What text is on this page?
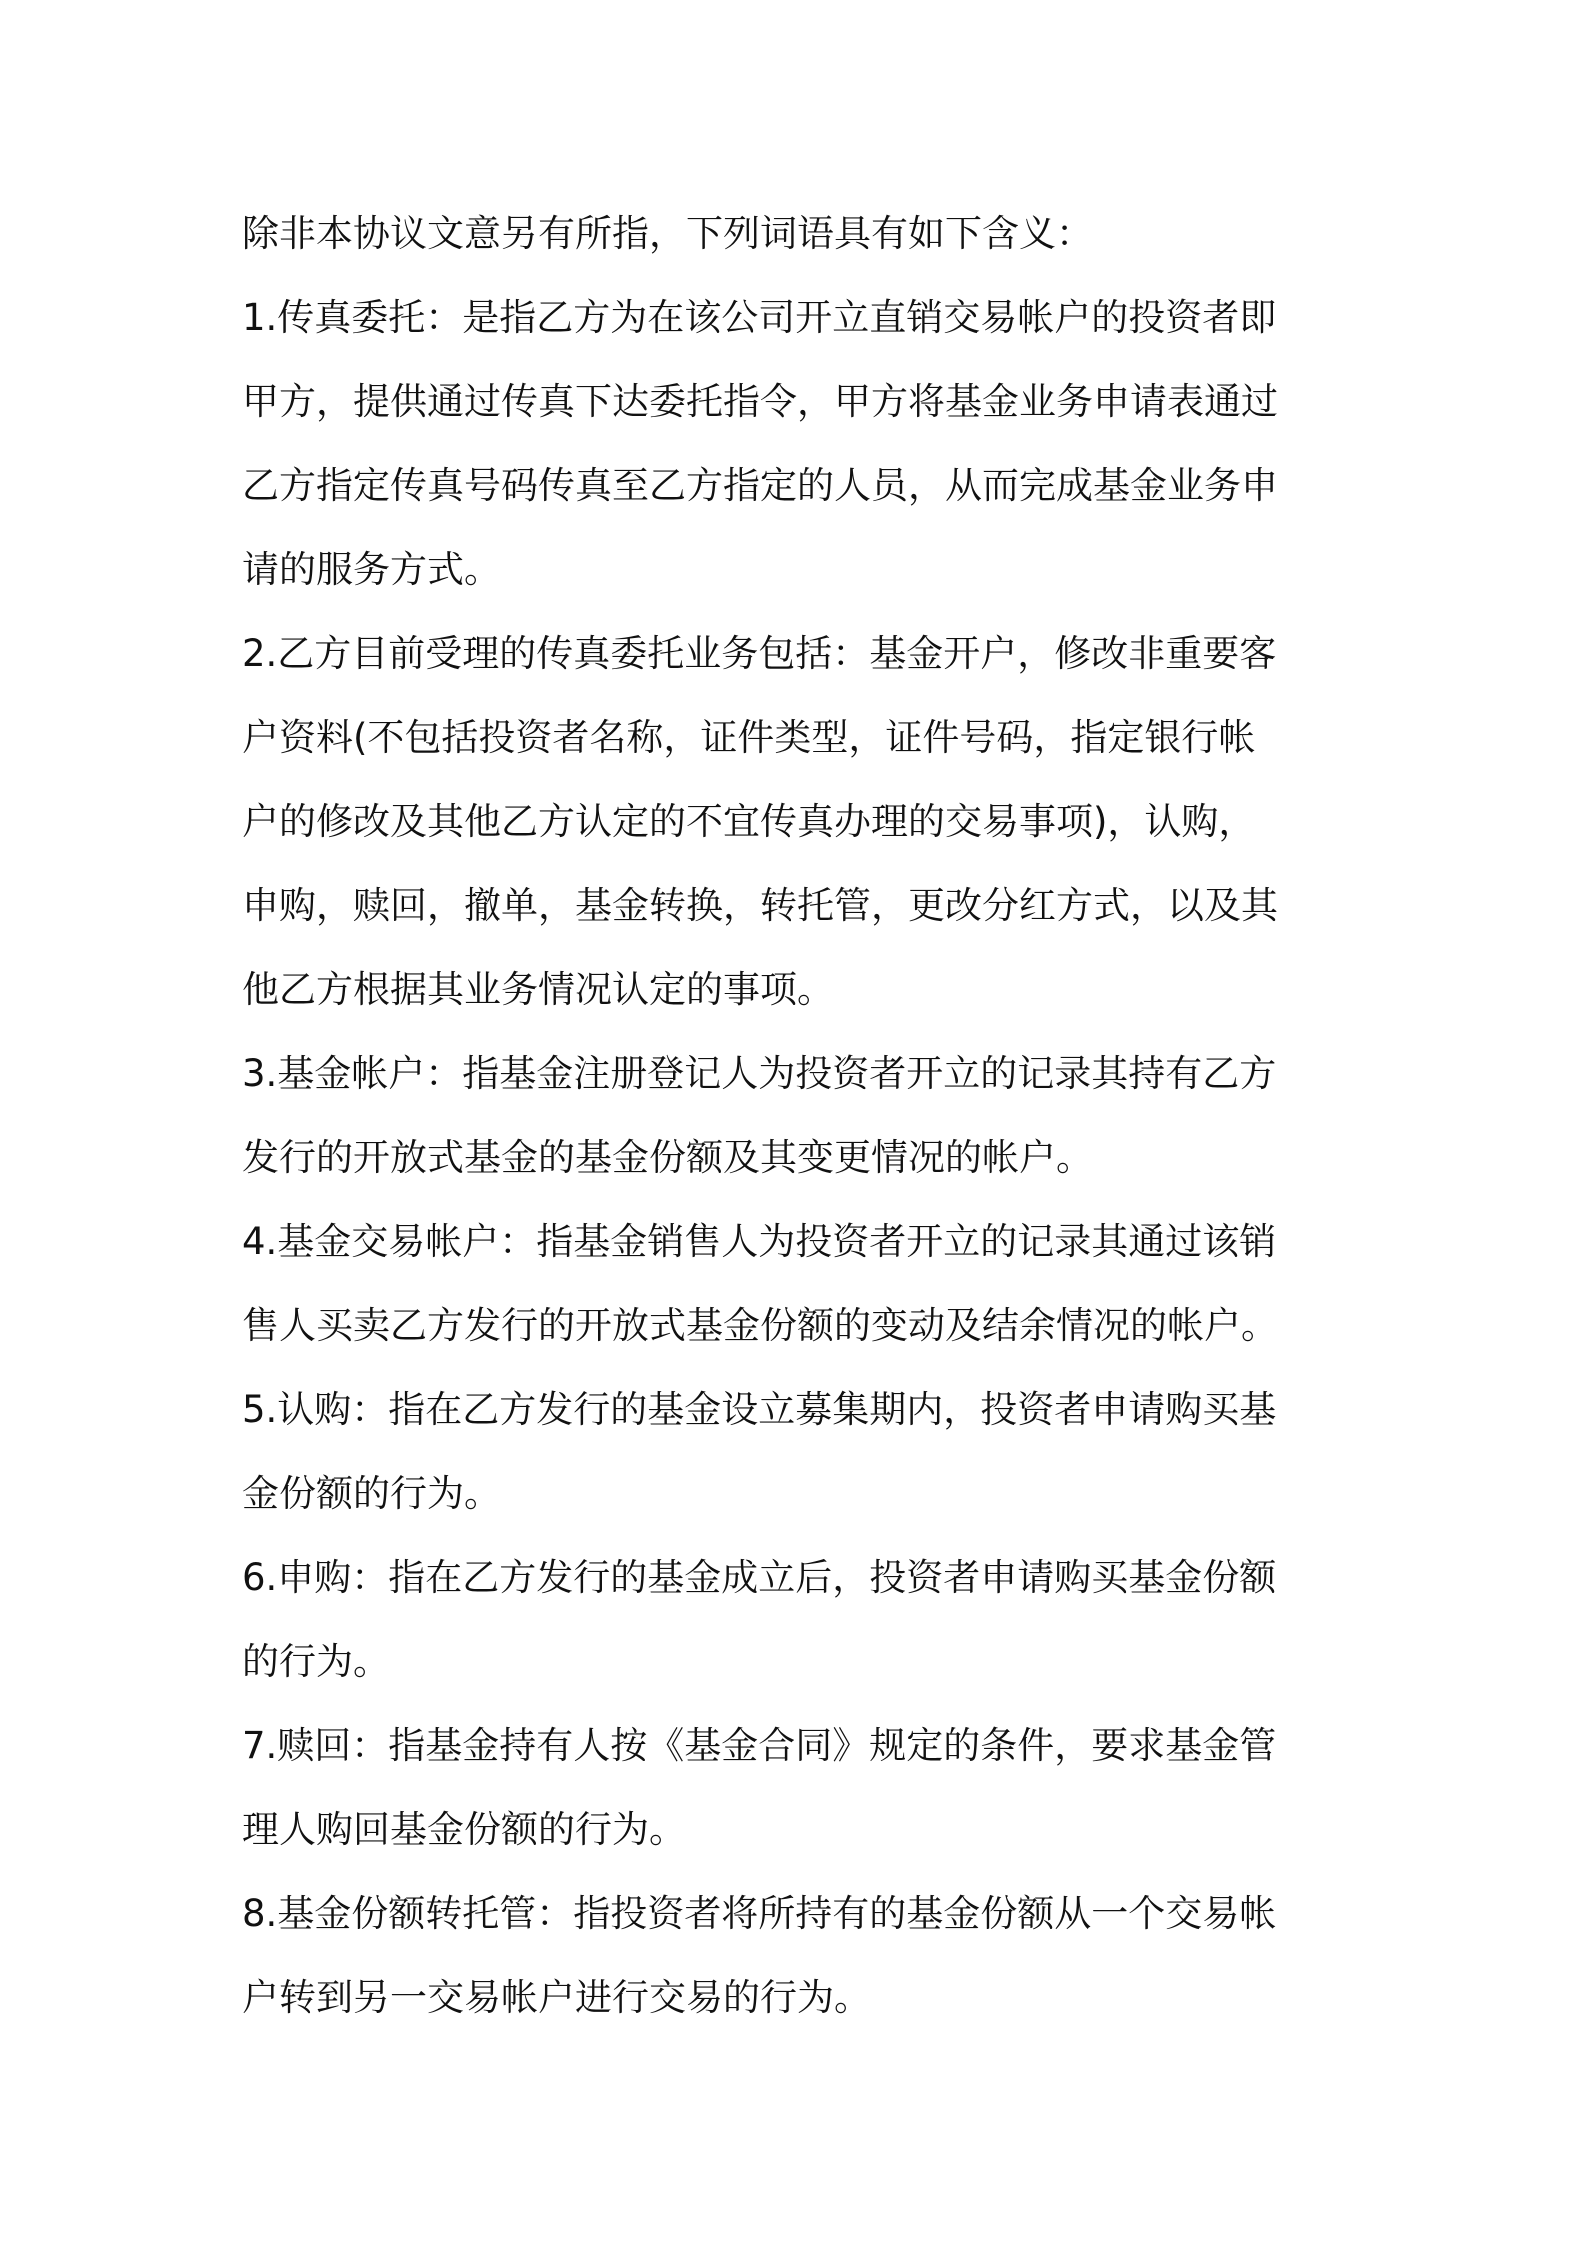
除非本协议文意另有所指，下列词语具有如下含义：
1.传真委托：是指乙方为在该公司开立直销交易帐户的投资者即
甲方，提供通过传真下达委托指令，甲方将基金业务申请表通过
乙方指定传真号码传真至乙方指定的人员，从而完成基金业务申
请的服务方式。
2.乙方目前受理的传真委托业务包括：基金开户，修改非重要客
户资料(不包括投资者名称，证件类型，证件号码，指定银行帐
户的修改及其他乙方认定的不宜传真办理的交易事项)，认购，
申购，赎回，撤单，基金转换，转托管，更改分红方式，以及其
他乙方根据其业务情况认定的事项。
3.基金帐户：指基金注册登记人为投资者开立的记录其持有乙方
发行的开放式基金的基金份额及其变更情况的帐户。
4.基金交易帐户：指基金销售人为投资者开立的记录其通过该销
售人买卖乙方发行的开放式基金份额的变动及结余情况的帐户。
5.认购：指在乙方发行的基金设立募集期内，投资者申请购买基
金份额的行为。
6.申购：指在乙方发行的基金成立后，投资者申请购买基金份额
的行为。
7.赎回：指基金持有人按《基金合同》规定的条件，要求基金管
理人购回基金份额的行为。
8.基金份额转托管：指投资者将所持有的基金份额从一个交易帐
户转到另一交易帐户进行交易的行为。
